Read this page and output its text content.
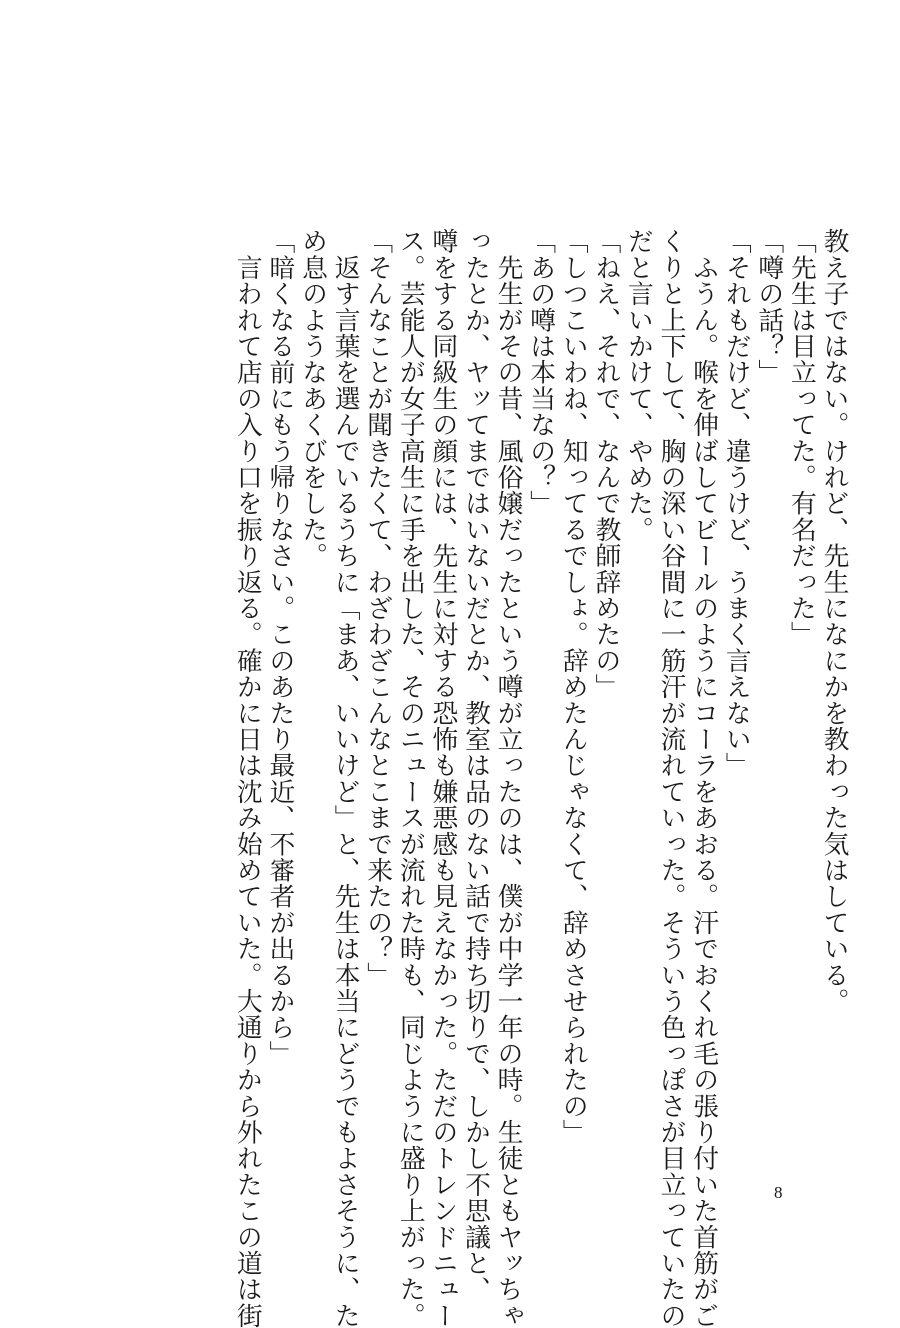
教え子ではない。けれど、先生になにかを教わった気はしている。
「先生は目立ってた。有名だった」
「噂の話？」
「それもだけど、違うけど、うまく言えない」
　ふうん。喉を伸ばしてビールのようにコーラをあおる。汗でおくれ毛の張り付いた首筋がご
くりと上下して、胸の深い谷間に一筋汗が流れていった。そういう色っぽさが目立っていたの
だと言いかけて、やめた。
「ねえ、それで、なんで教師辞めたの」
「しつこいわね、知ってるでしょ。辞めたんじゃなくて、辞めさせられたの」
「あの噂は本当なの？」
　先生がその昔、風俗嬢だったという噂が立ったのは、僕が中学一年の時。生徒ともヤッちゃ
ったとか、ヤッてまではいないだとか、教室は品のない話で持ち切りで、しかし不思議と、
噂をする同級生の顔には、先生に対する恐怖も嫌悪感も見えなかった。ただのトレンドニュー
ス。芸能人が女子高生に手を出した、そのニュースが流れた時も、同じように盛り上がった。
「そんなことが聞きたくて、わざわざこんなとこまで来たの？」
　返す言葉を選んでいるうちに「まあ、いいけど」と、先生は本当にどうでもよさそうに、た
め息のようなあくびをした。
「暗くなる前にもう帰りなさい。このあたり最近、不審者が出るから」
　言われて店の入り口を振り返る。確かに日は沈み始めていた。大通りから外れたこの道は街	8
